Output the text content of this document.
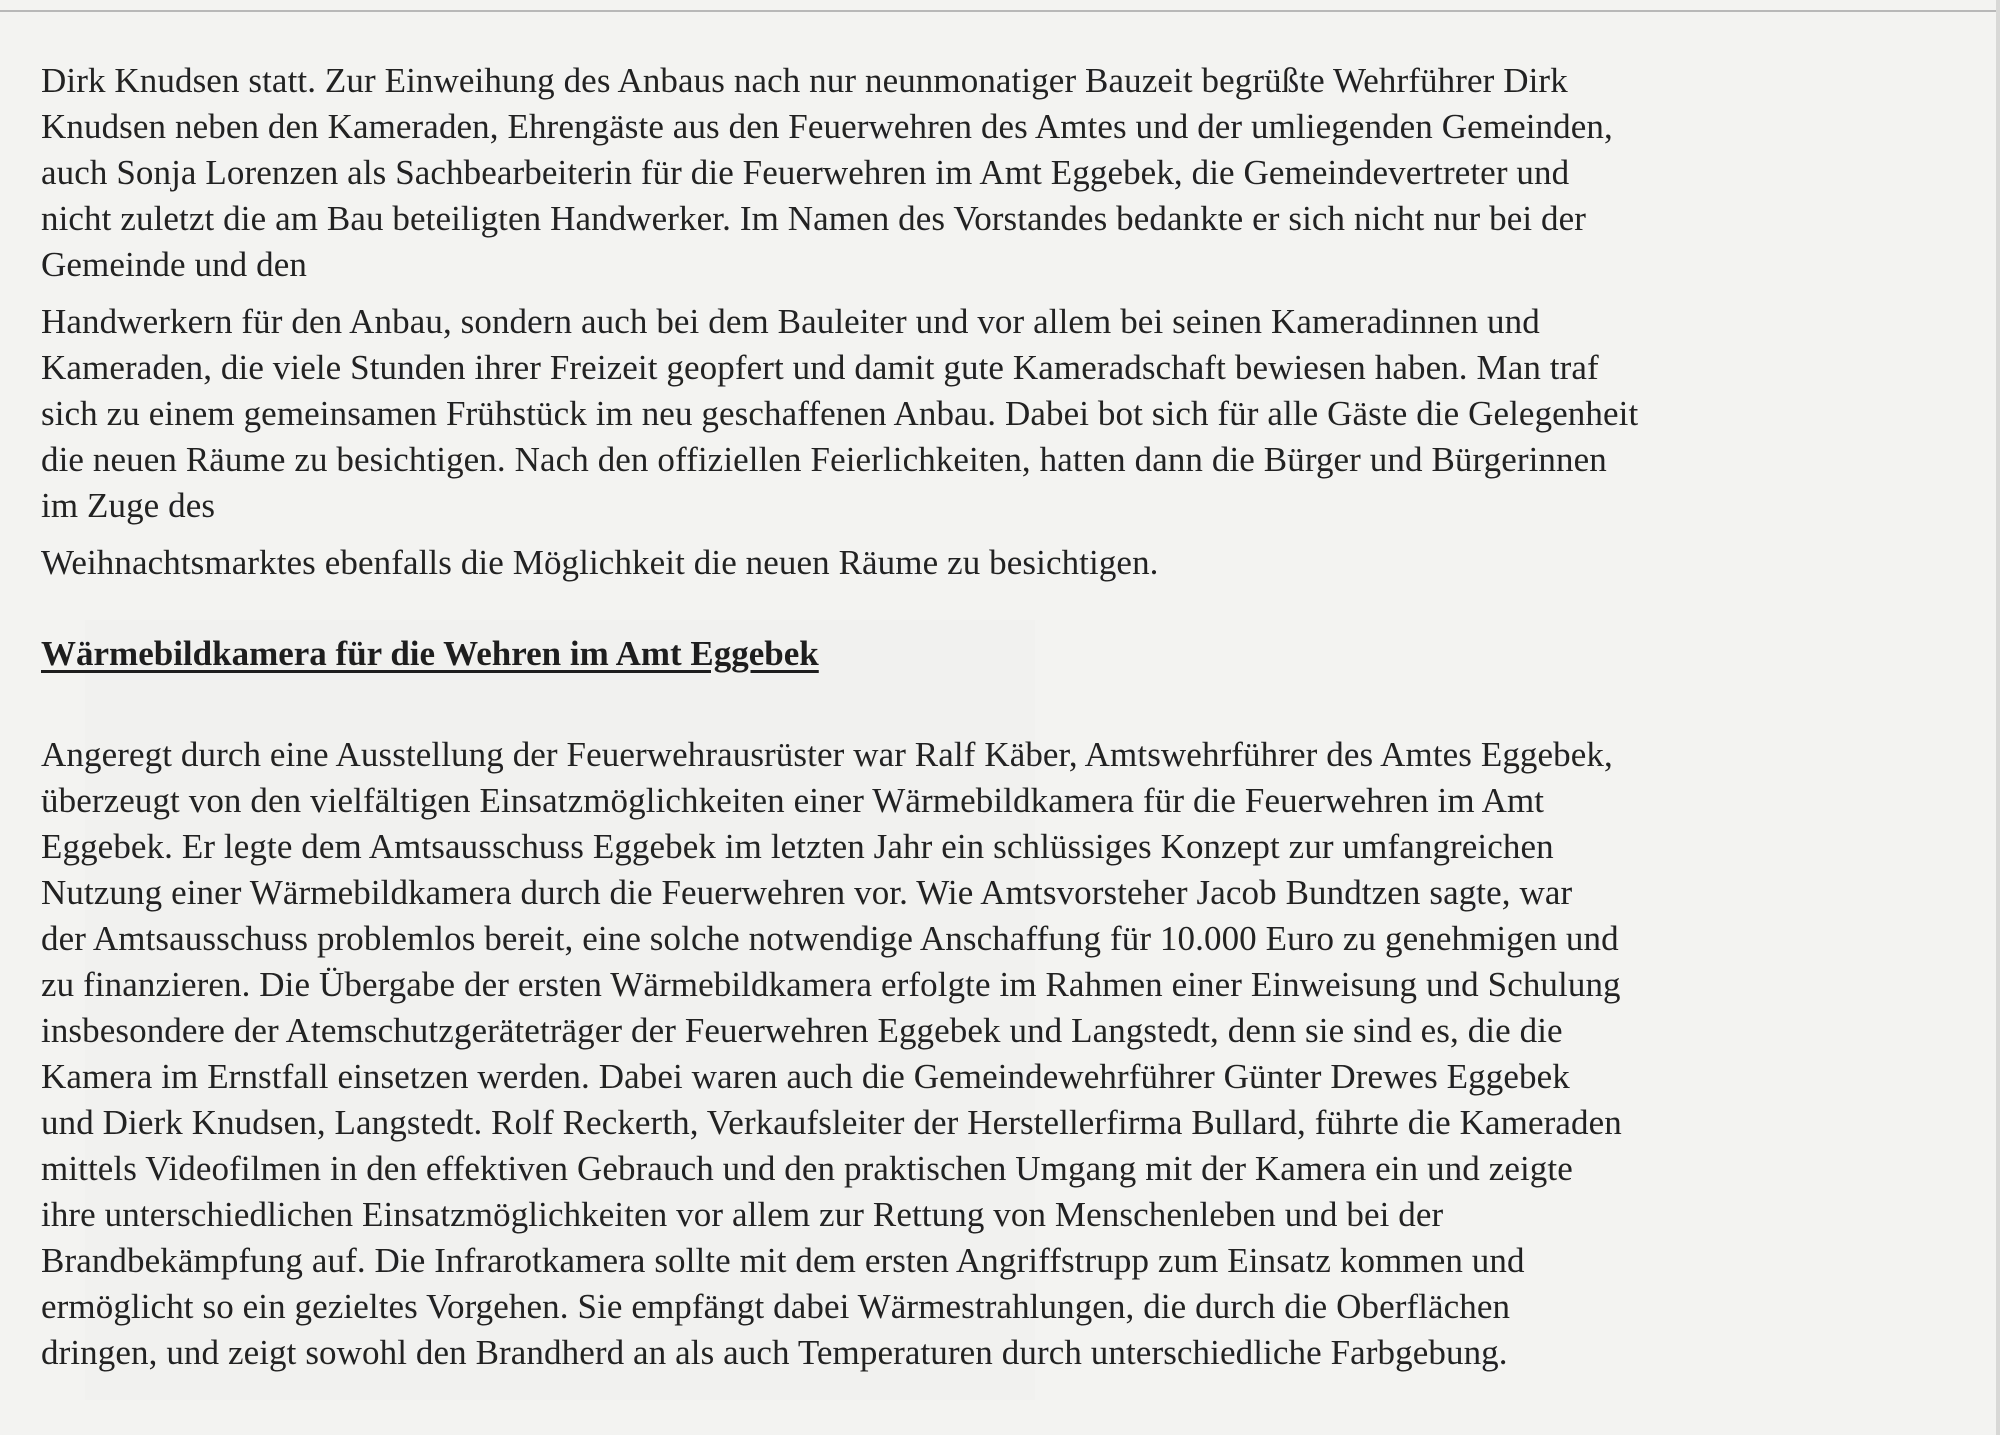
Dirk Knudsen statt. Zur Einweihung des Anbaus nach nur neunmonatiger Bauzeit begrüßte Wehrführer Dirk
Knudsen neben den Kameraden, Ehrengäste aus den Feuerwehren des Amtes und der umliegenden Gemeinden,
auch Sonja Lorenzen als Sachbearbeiterin für die Feuerwehren im Amt Eggebek, die Gemeindevertreter und
nicht zuletzt die am Bau beteiligten Handwerker. Im Namen des Vorstandes bedankte er sich nicht nur bei der
Gemeinde und den
Handwerkern für den Anbau, sondern auch bei dem Bauleiter und vor allem bei seinen Kameradinnen und
Kameraden, die viele Stunden ihrer Freizeit geopfert und damit gute Kameradschaft bewiesen haben. Man traf
sich zu einem gemeinsamen Frühstück im neu geschaffenen Anbau. Dabei bot sich für alle Gäste die Gelegenheit
die neuen Räume zu besichtigen. Nach den offiziellen Feierlichkeiten, hatten dann die Bürger und Bürgerinnen
im Zuge des
Weihnachtsmarktes ebenfalls die Möglichkeit die neuen Räume zu besichtigen.
Wärmebildkamera für die Wehren im Amt Eggebek
Angeregt durch eine Ausstellung der Feuerwehrausrüster war Ralf Käber, Amtswehrführer des Amtes Eggebek,
überzeugt von den vielfältigen Einsatzmöglichkeiten einer Wärmebildkamera für die Feuerwehren im Amt
Eggebek. Er legte dem Amtsausschuss Eggebek im letzten Jahr ein schlüssiges Konzept zur umfangreichen
Nutzung einer Wärmebildkamera durch die Feuerwehren vor. Wie Amtsvorsteher Jacob Bundtzen sagte, war
der Amtsausschuss problemlos bereit, eine solche notwendige Anschaffung für 10.000 Euro zu genehmigen und
zu finanzieren. Die Übergabe der ersten Wärmebildkamera erfolgte im Rahmen einer Einweisung und Schulung
insbesondere der Atemschutzgeräteträger der Feuerwehren Eggebek und Langstedt, denn sie sind es, die die
Kamera im Ernstfall einsetzen werden. Dabei waren auch die Gemeindewehrführer Günter Drewes Eggebek
und Dierk Knudsen, Langstedt. Rolf Reckerth, Verkaufsleiter der Herstellerfirma Bullard, führte die Kameraden
mittels Videofilmen in den effektiven Gebrauch und den praktischen Umgang mit der Kamera ein und zeigte
ihre unterschiedlichen Einsatzmöglichkeiten vor allem zur Rettung von Menschenleben und bei der
Brandbekämpfung auf. Die Infrarotkamera sollte mit dem ersten Angriffstrupp zum Einsatz kommen und
ermöglicht so ein gezieltes Vorgehen. Sie empfängt dabei Wärmestrahlungen, die durch die Oberflächen
dringen, und zeigt sowohl den Brandherd an als auch Temperaturen durch unterschiedliche Farbgebung.
